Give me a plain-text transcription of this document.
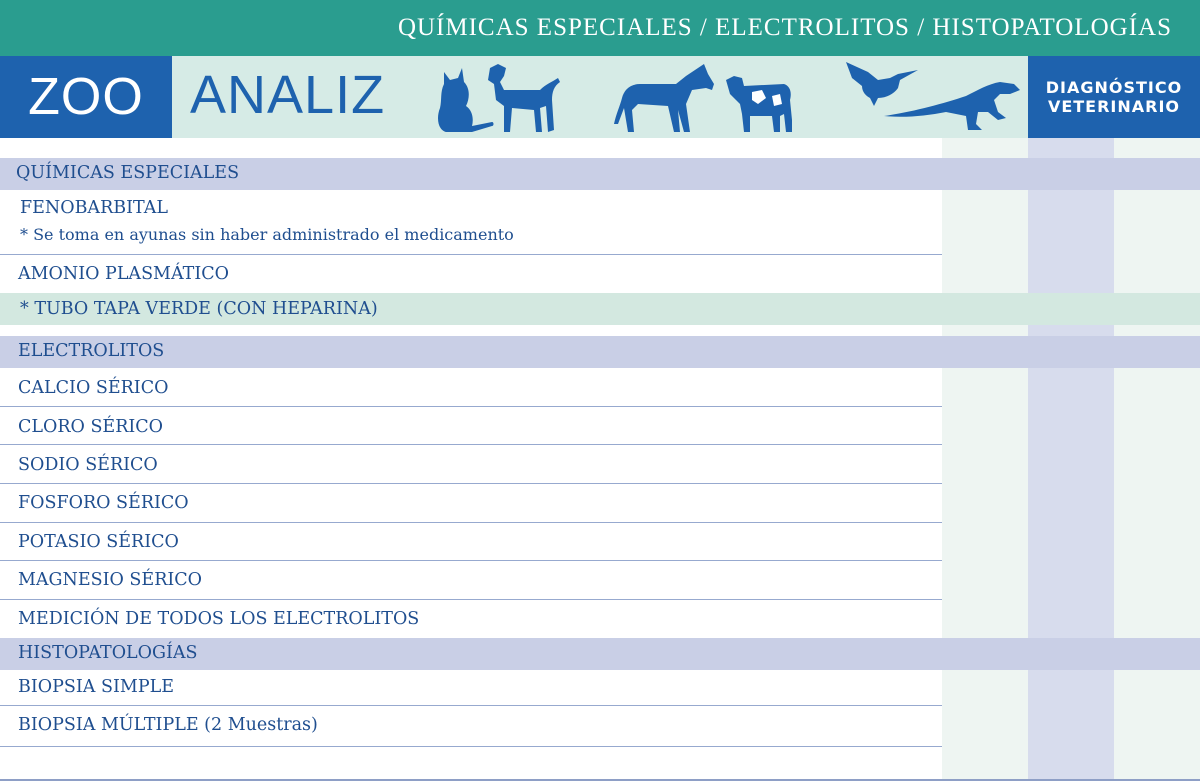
QUÍMICAS ESPECIALES / ELECTROLITOS / HISTOPATOLOGÍAS
ZOO ANALIZ	DIAGNÓSTICO
VETERINARIO
QUÍMICAS ESPECIALES
FENOBARBITAL
* Se toma en ayunas sin haber administrado el medicamento
AMONIO PLASMÁTICO
* TUBO TAPA VERDE (CON HEPARINA)
ELECTROLITOS
CALCIO SÉRICO
CLORO SÉRICO
SODIO SÉRICO
FOSFORO SÉRICO
POTASIO SÉRICO
MAGNESIO SÉRICO
MEDICIÓN DE TODOS LOS ELECTROLITOS
HISTOPATOLOGÍAS
BIOPSIA SIMPLE
BIOPSIA MÚLTIPLE (2 Muestras)
